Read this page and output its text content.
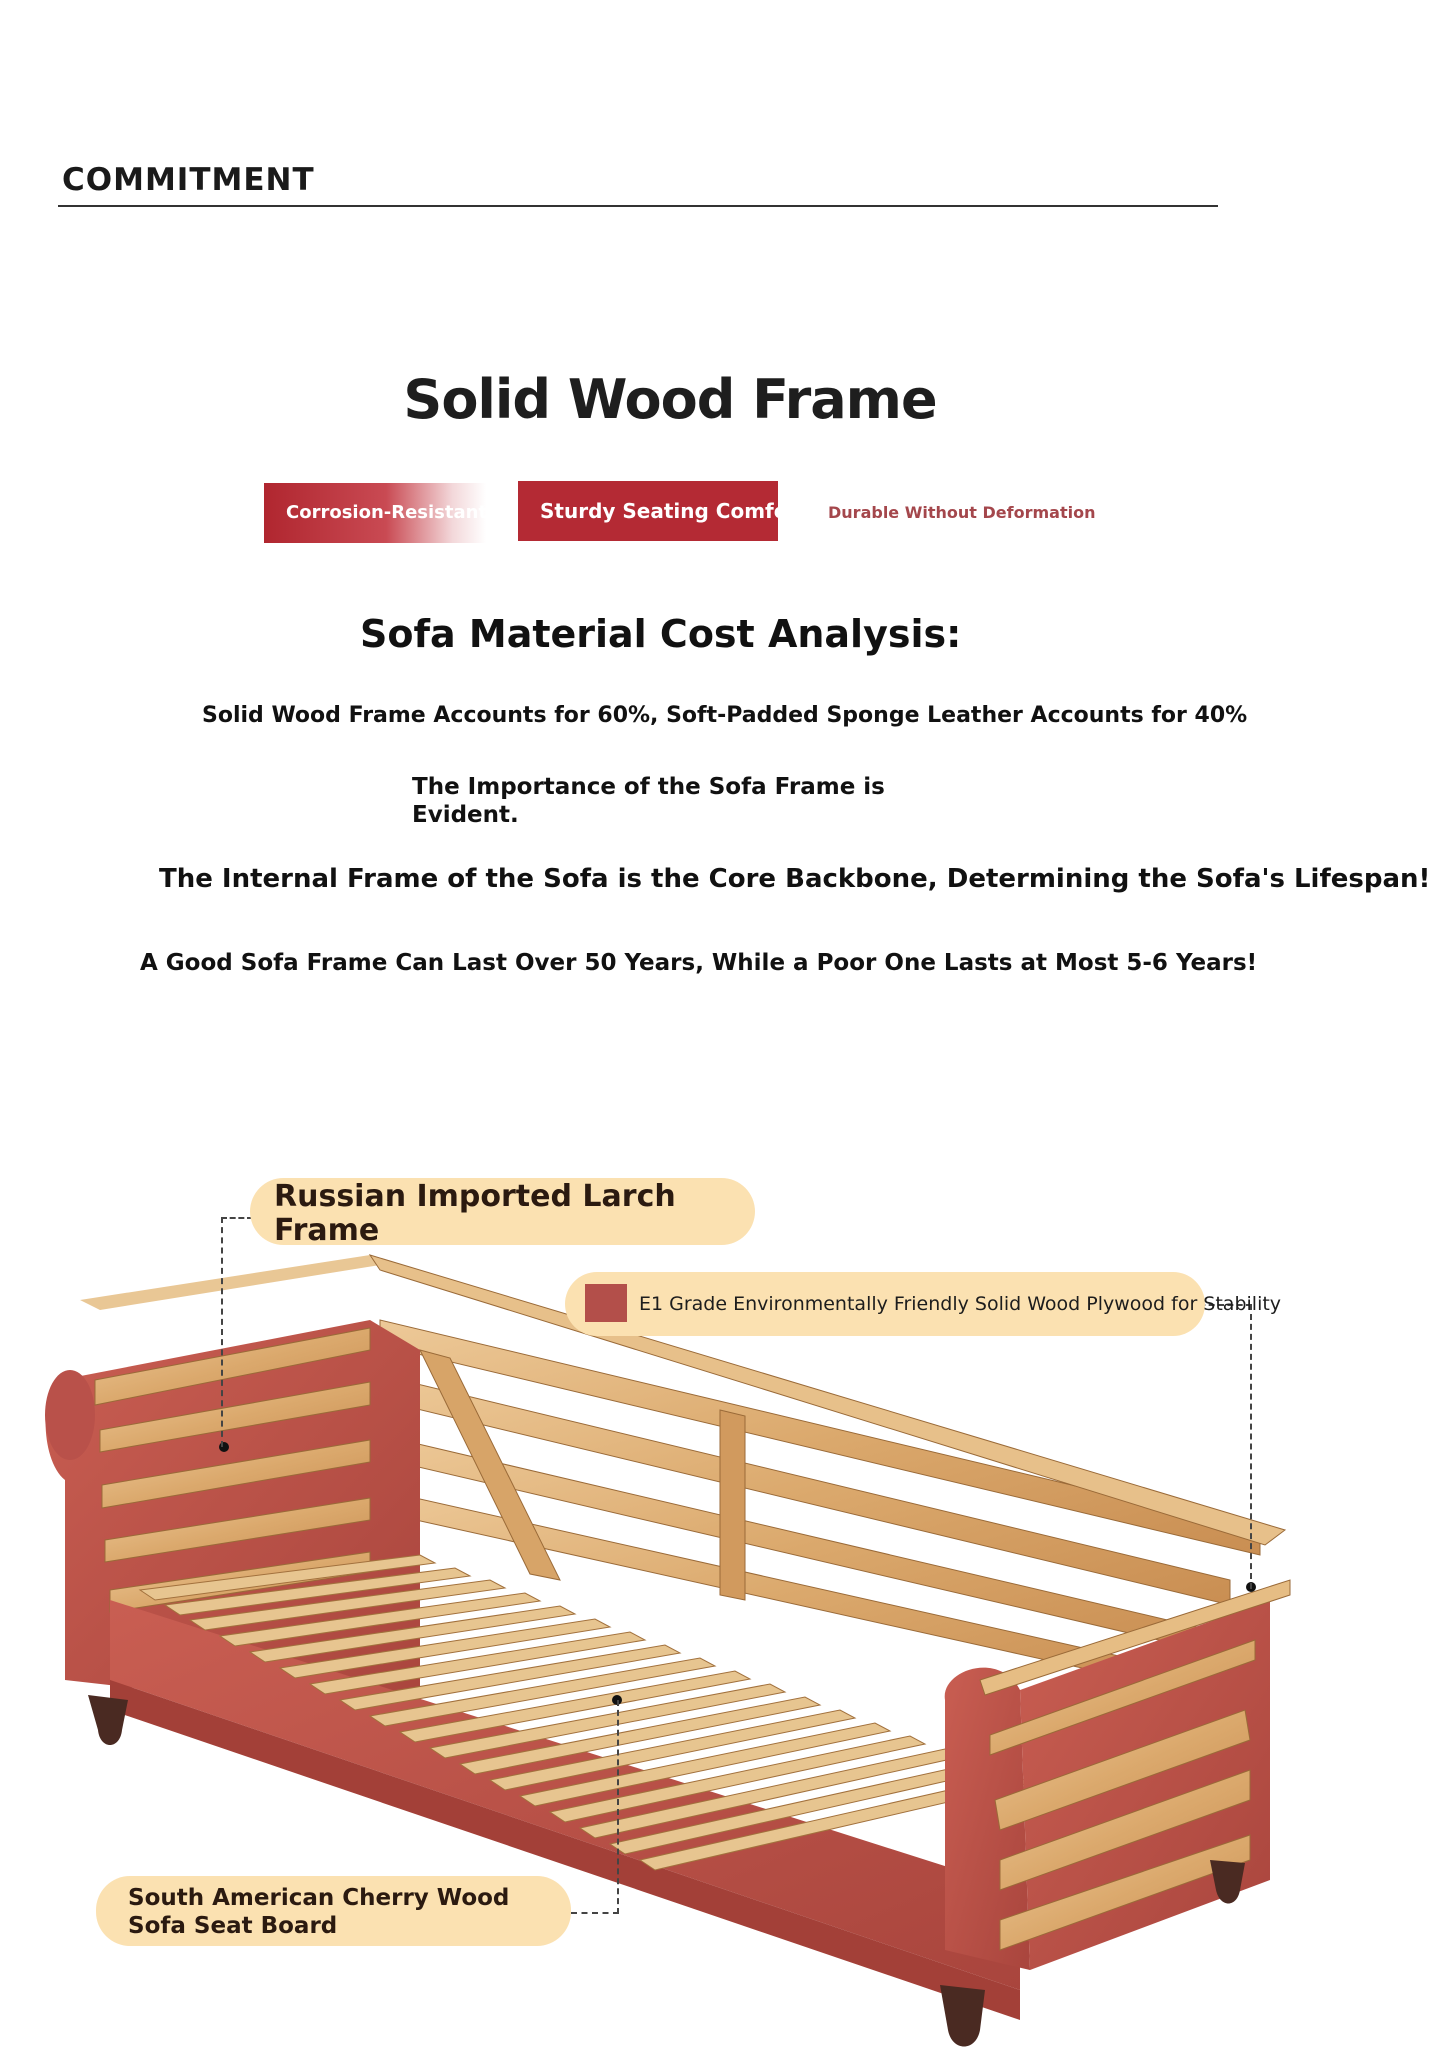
COMMITMENT
Solid Wood Frame
Corrosion-Resistant	Sturdy Seating Comfort	Durable Without Deformation
Sofa Material Cost Analysis:
Solid Wood Frame Accounts for 60%, Soft-Padded Sponge Leather Accounts for 40%
The Importance of the Sofa Frame is Evident.
The Internal Frame of the Sofa is the Core Backbone, Determining the Sofa's Lifespan!
A Good Sofa Frame Can Last Over 50 Years, While a Poor One Lasts at Most 5-6 Years!
Russian Imported Larch Frame
E1 Grade Environmentally Friendly Solid Wood Plywood for Stability
South American Cherry Wood Sofa Seat Board
